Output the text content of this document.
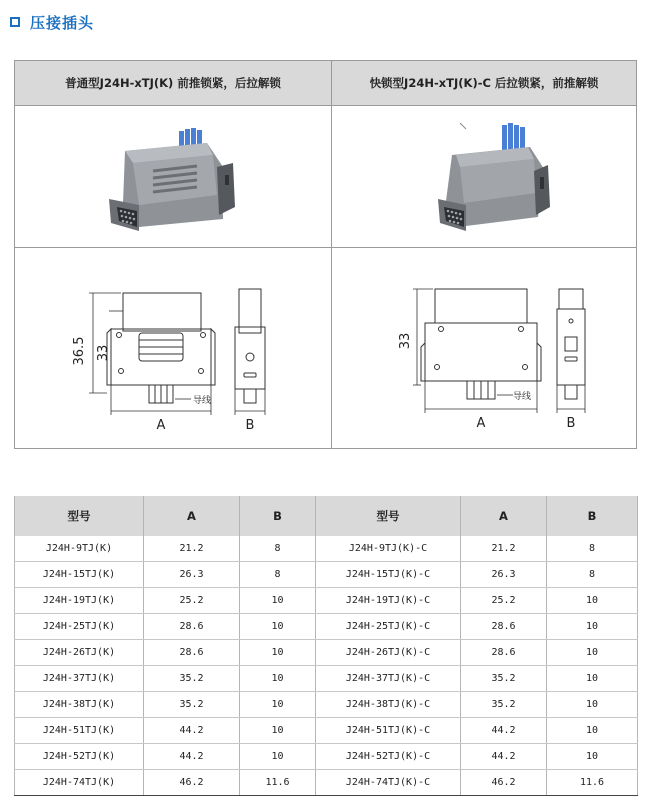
压接插头
普通型J24H-xTJ(K) 前推锁紧，后拉解锁	快锁型J24H-xTJ(K)-C 后拉锁紧，前推解锁
36.5 33
A	B
导线
33
A	B
导线
型号	A	B	型号	A	B
J24H-9TJ(K)	21.2	8	J24H-9TJ(K)-C	21.2	8
J24H-15TJ(K)	26.3	8	J24H-15TJ(K)-C	26.3	8
J24H-19TJ(K)	25.2	10	J24H-19TJ(K)-C	25.2	10
J24H-25TJ(K)	28.6	10	J24H-25TJ(K)-C	28.6	10
J24H-26TJ(K)	28.6	10	J24H-26TJ(K)-C	28.6	10
J24H-37TJ(K)	35.2	10	J24H-37TJ(K)-C	35.2	10
J24H-38TJ(K)	35.2	10	J24H-38TJ(K)-C	35.2	10
J24H-51TJ(K)	44.2	10	J24H-51TJ(K)-C	44.2	10
J24H-52TJ(K)	44.2	10	J24H-52TJ(K)-C	44.2	10
J24H-74TJ(K)	46.2	11.6	J24H-74TJ(K)-C	46.2	11.6
